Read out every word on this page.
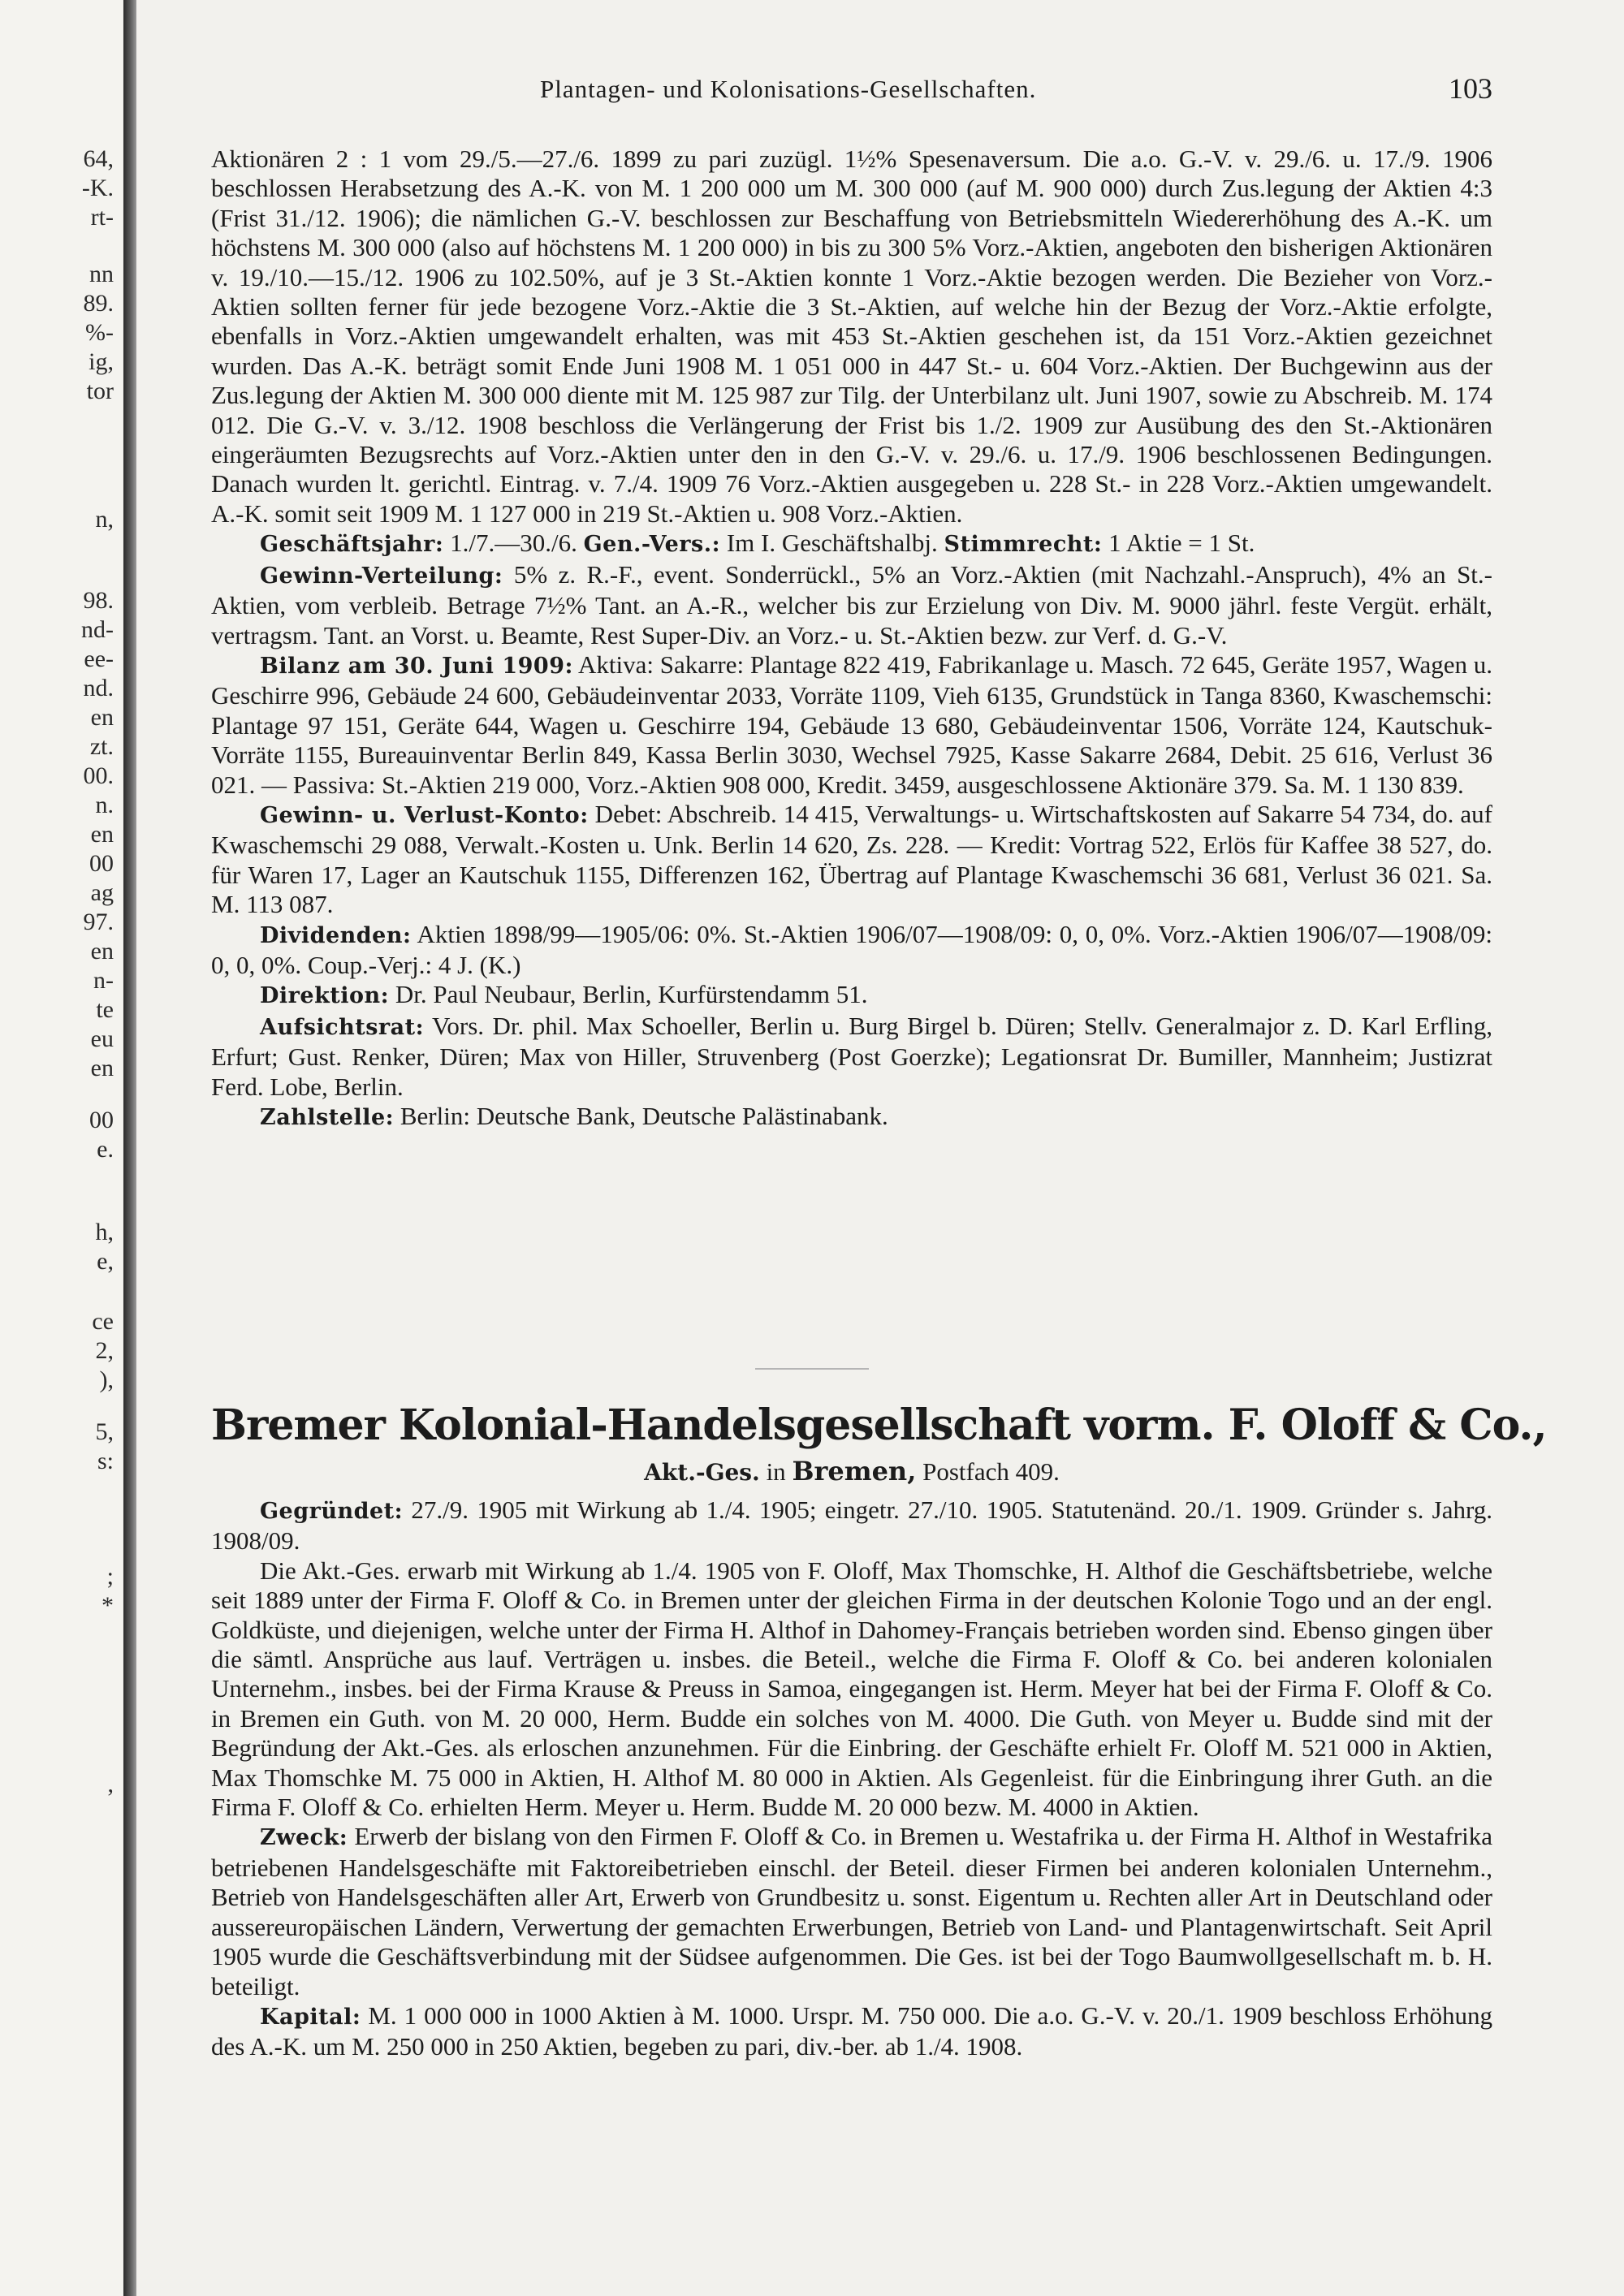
64,
-K.
rt-
nn
89.
%-
ig,
tor
n,
98.
nd-
ee-
nd.
en
zt.
00.
n.
en
00
ag
97.
en
n-
te
eu
en
00
e.
h,
e,
ce
2,
),
5,
s:
;
*
,
Plantagen- und Kolonisations-Gesellschaften.	103

Aktionären 2 : 1 vom 29./5.—27./6. 1899 zu pari zuzügl. 1½% Spesenaversum. Die a.o. G.-V. v. 29./6. u. 17./9. 1906 beschlossen Herabsetzung des A.-K. von M. 1 200 000 um M. 300 000 (auf M. 900 000) durch Zus.legung der Aktien 4:3 (Frist 31./12. 1906); die nämlichen G.-V. beschlossen zur Beschaffung von Betriebsmitteln Wiedererhöhung des A.-K. um höchstens M. 300 000 (also auf höchstens M. 1 200 000) in bis zu 300 5% Vorz.-Aktien, angeboten den bisherigen Aktionären v. 19./10.—15./12. 1906 zu 102.50%, auf je 3 St.-Aktien konnte 1 Vorz.-Aktie bezogen werden. Die Bezieher von Vorz.-Aktien sollten ferner für jede bezogene Vorz.-Aktie die 3 St.-Aktien, auf welche hin der Bezug der Vorz.-Aktie erfolgte, ebenfalls in Vorz.-Aktien umgewandelt erhalten, was mit 453 St.-Aktien geschehen ist, da 151 Vorz.-Aktien gezeichnet wurden. Das A.-K. beträgt somit Ende Juni 1908 M. 1 051 000 in 447 St.- u. 604 Vorz.-Aktien. Der Buchgewinn aus der Zus.legung der Aktien M. 300 000 diente mit M. 125 987 zur Tilg. der Unterbilanz ult. Juni 1907, sowie zu Abschreib. M. 174 012. Die G.-V. v. 3./12. 1908 beschloss die Verlängerung der Frist bis 1./2. 1909 zur Ausübung des den St.-Aktionären eingeräumten Bezugsrechts auf Vorz.-Aktien unter den in den G.-V. v. 29./6. u. 17./9. 1906 beschlossenen Bedingungen. Danach wurden lt. gerichtl. Eintrag. v. 7./4. 1909 76 Vorz.-Aktien ausgegeben u. 228 St.- in 228 Vorz.-Aktien umgewandelt. A.-K. somit seit 1909 M. 1 127 000 in 219 St.-Aktien u. 908 Vorz.-Aktien.

Geschäftsjahr: 1./7.—30./6. Gen.-Vers.: Im I. Geschäftshalbj. Stimmrecht: 1 Aktie = 1 St.

Gewinn-Verteilung: 5% z. R.-F., event. Sonderrückl., 5% an Vorz.-Aktien (mit Nachzahl.-Anspruch), 4% an St.-Aktien, vom verbleib. Betrage 7½% Tant. an A.-R., welcher bis zur Erzielung von Div. M. 9000 jährl. feste Vergüt. erhält, vertragsm. Tant. an Vorst. u. Beamte, Rest Super-Div. an Vorz.- u. St.-Aktien bezw. zur Verf. d. G.-V.

Bilanz am 30. Juni 1909: Aktiva: Sakarre: Plantage 822 419, Fabrikanlage u. Masch. 72 645, Geräte 1957, Wagen u. Geschirre 996, Gebäude 24 600, Gebäudeinventar 2033, Vorräte 1109, Vieh 6135, Grundstück in Tanga 8360, Kwaschemschi: Plantage 97 151, Geräte 644, Wagen u. Geschirre 194, Gebäude 13 680, Gebäudeinventar 1506, Vorräte 124, Kautschuk-Vorräte 1155, Bureauinventar Berlin 849, Kassa Berlin 3030, Wechsel 7925, Kasse Sakarre 2684, Debit. 25 616, Verlust 36 021. — Passiva: St.-Aktien 219 000, Vorz.-Aktien 908 000, Kredit. 3459, ausgeschlossene Aktionäre 379. Sa. M. 1 130 839.

Gewinn- u. Verlust-Konto: Debet: Abschreib. 14 415, Verwaltungs- u. Wirtschaftskosten auf Sakarre 54 734, do. auf Kwaschemschi 29 088, Verwalt.-Kosten u. Unk. Berlin 14 620, Zs. 228. — Kredit: Vortrag 522, Erlös für Kaffee 38 527, do. für Waren 17, Lager an Kautschuk 1155, Differenzen 162, Übertrag auf Plantage Kwaschemschi 36 681, Verlust 36 021. Sa. M. 113 087.

Dividenden: Aktien 1898/99—1905/06: 0%. St.-Aktien 1906/07—1908/09: 0, 0, 0%. Vorz.-Aktien 1906/07—1908/09: 0, 0, 0%. Coup.-Verj.: 4 J. (K.)

Direktion: Dr. Paul Neubaur, Berlin, Kurfürstendamm 51.

Aufsichtsrat: Vors. Dr. phil. Max Schoeller, Berlin u. Burg Birgel b. Düren; Stellv. Generalmajor z. D. Karl Erfling, Erfurt; Gust. Renker, Düren; Max von Hiller, Struvenberg (Post Goerzke); Legationsrat Dr. Bumiller, Mannheim; Justizrat Ferd. Lobe, Berlin.

Zahlstelle: Berlin: Deutsche Bank, Deutsche Palästinabank.

Bremer Kolonial-Handelsgesellschaft vorm. F. Oloff & Co.,
Akt.-Ges. in Bremen, Postfach 409.

Gegründet: 27./9. 1905 mit Wirkung ab 1./4. 1905; eingetr. 27./10. 1905. Statutenänd. 20./1. 1909. Gründer s. Jahrg. 1908/09.

Die Akt.-Ges. erwarb mit Wirkung ab 1./4. 1905 von F. Oloff, Max Thomschke, H. Althof die Geschäftsbetriebe, welche seit 1889 unter der Firma F. Oloff & Co. in Bremen unter der gleichen Firma in der deutschen Kolonie Togo und an der engl. Goldküste, und diejenigen, welche unter der Firma H. Althof in Dahomey-Français betrieben worden sind. Ebenso gingen über die sämtl. Ansprüche aus lauf. Verträgen u. insbes. die Beteil., welche die Firma F. Oloff & Co. bei anderen kolonialen Unternehm., insbes. bei der Firma Krause & Preuss in Samoa, eingegangen ist. Herm. Meyer hat bei der Firma F. Oloff & Co. in Bremen ein Guth. von M. 20 000, Herm. Budde ein solches von M. 4000. Die Guth. von Meyer u. Budde sind mit der Begründung der Akt.-Ges. als erloschen anzunehmen. Für die Einbring. der Geschäfte erhielt Fr. Oloff M. 521 000 in Aktien, Max Thomschke M. 75 000 in Aktien, H. Althof M. 80 000 in Aktien. Als Gegenleist. für die Einbringung ihrer Guth. an die Firma F. Oloff & Co. erhielten Herm. Meyer u. Herm. Budde M. 20 000 bezw. M. 4000 in Aktien.

Zweck: Erwerb der bislang von den Firmen F. Oloff & Co. in Bremen u. Westafrika u. der Firma H. Althof in Westafrika betriebenen Handelsgeschäfte mit Faktoreibetrieben einschl. der Beteil. dieser Firmen bei anderen kolonialen Unternehm., Betrieb von Handelsgeschäften aller Art, Erwerb von Grundbesitz u. sonst. Eigentum u. Rechten aller Art in Deutschland oder aussereuropäischen Ländern, Verwertung der gemachten Erwerbungen, Betrieb von Land- und Plantagenwirtschaft. Seit April 1905 wurde die Geschäftsverbindung mit der Südsee aufgenommen. Die Ges. ist bei der Togo Baumwollgesellschaft m. b. H. beteiligt.

Kapital: M. 1 000 000 in 1000 Aktien à M. 1000. Urspr. M. 750 000. Die a.o. G.-V. v. 20./1. 1909 beschloss Erhöhung des A.-K. um M. 250 000 in 250 Aktien, begeben zu pari, div.-ber. ab 1./4. 1908.
